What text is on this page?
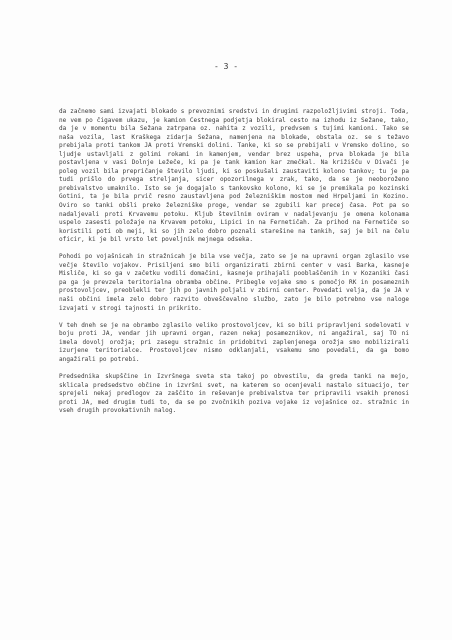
- 3 -

da začnemo sami izvajati blokado s prevoznimi sredstvi in drugimi razpoložljivimi stroji. Toda, ne vem po čigavem ukazu, je kamion Cestnega podjetja blokiral cesto na izhodu iz Sežane, tako, da je v momentu bila Sežana zatrpana oz. nahita z vozili, predvsem s tujimi kamioni. Tako se naša vozila, last Kraškega zidarja Sežana, namenjena na blokade, obstala oz. se s težavo prebijala proti tankom JA proti Vremski dolini. Tanke, ki so se prebijali v Vremsko dolino, so ljudje ustavljali z golimi rokami in kamenjem, vendar brez uspeha, prva blokada je bila postavljena v vasi Dolnje Ležeče, ki pa je tank kamion kar zmečkal. Na križišču v Divači je poleg vozil bila prepričanje število ljudi, ki so poskušali zaustaviti kolono tankov; tu je pa tudi prišlo do prvega streljanja, sicer opozorilnega v zrak, tako, da se je neoboroženo prebivalstvo umaknilo. Isto se je dogajalo s tankovsko kolono, ki se je premikala po kozinski Gotini, ta je bila prvič resno zaustavljena pod železniškim mostom med Hrpeljami in Kozino. Oviro so tanki obšli preko železniške proge, vendar se zgubili kar precej časa. Pot pa so nadaljevali proti Krvavemu potoku. Kljub številnim oviram v nadaljevanju je omena kolonama uspelo zasesti položaje na Krvavem potoku, Lipici in na Fernetičah. Za prihod na Fernetiče so koristili poti ob meji, ki so jih zelo dobro poznali starešine na tankih, saj je bil na čelu oficir, ki je bil vrsto let poveljnik mejnega odseka.

Pohodi po vojašnicah in stražnicah je bila vse večja, zato se je na upravni organ zglasilo vse večje število vojakov. Prisiljeni smo bili organizirati zbirni center v vasi Barka, kasneje Misliče, ki so ga v začetku vodili domačini, kasneje prihajali pooblaščenih in v Kozaniki časi pa ga je prevzela teritorialna obramba občine. Pribegle vojake smo s pomočjo RK in posameznih prostovoljcev, preoblekli ter jih po javnih poljali v zbirni center. Povedati velja, da je JA v naši občini imela zelo dobro razvito obveščevalno službo, zato je bilo potrebno vse naloge izvajati v strogi tajnosti in prikrito.

V teh dneh se je na obrambo zglasilo veliko prostovoljcev, ki so bili pripravljeni sodelovati v boju proti JA, vendar jih upravni organ, razen nekaj posameznikov, ni angažiral, saj TO ni imela dovolj orožja; pri zasegu stražnic in pridobitvi zaplenjenega orožja smo mobilizirali izurjene teritorialce. Prostovoljcev nismo odklanjali, vsakemu smo povedali, da ga bomo angažirali po potrebi.

Predsednika skupščine in Izvršnega sveta sta takoj po obvestilu, da greda tanki na mejo, sklicala predsedstvo občine in izvršni svet, na katerem so ocenjevali nastalo situacijo, ter sprejeli nekaj predlogov za zaščito in reševanje prebivalstva ter pripravili vsakih prenosi proti JA, med drugim tudi to, da se po zvočnikih poziva vojake iz vojašnice oz. stražnic in vseh drugih provokativnih nalog.
